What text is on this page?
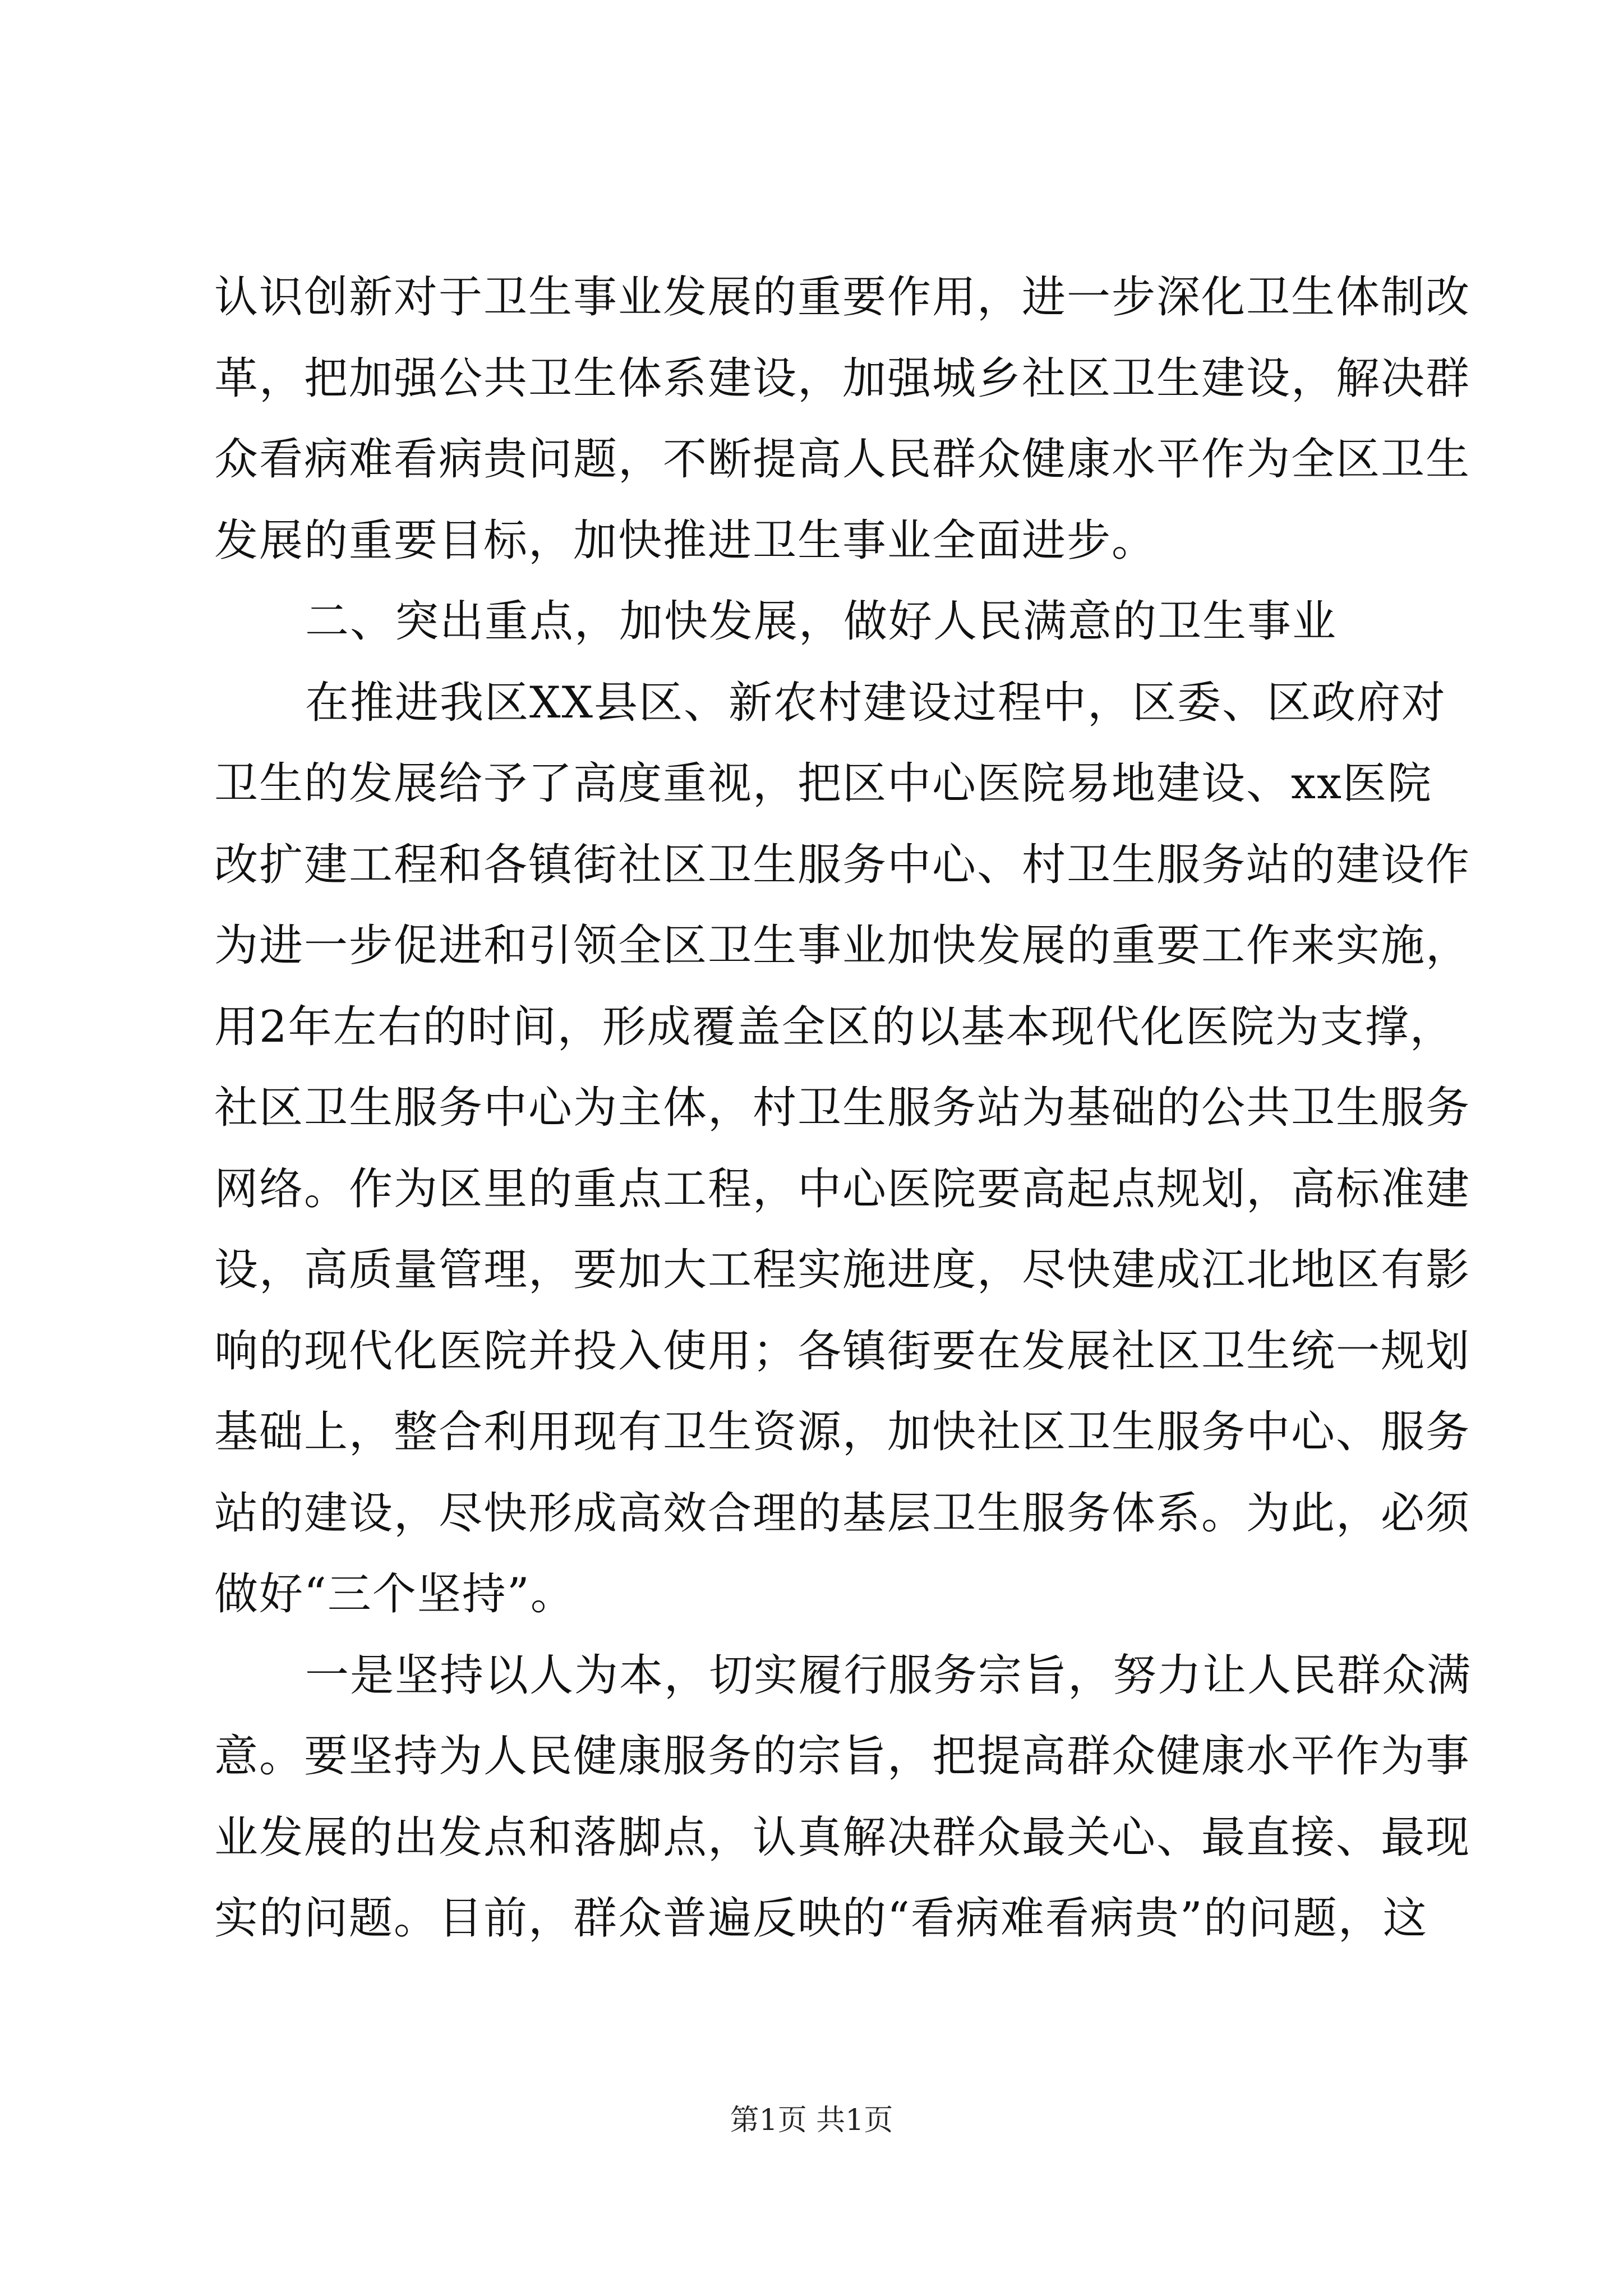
认识创新对于卫生事业发展的重要作用，进一步深化卫生体制改
革，把加强公共卫生体系建设，加强城乡社区卫生建设，解决群
众看病难看病贵问题，不断提高人民群众健康水平作为全区卫生
发展的重要目标，加快推进卫生事业全面进步。
二、突出重点，加快发展，做好人民满意的卫生事业
在推进我区XX县区、新农村建设过程中，区委、区政府对
卫生的发展给予了高度重视，把区中心医院易地建设、xx医院
改扩建工程和各镇街社区卫生服务中心、村卫生服务站的建设作
为进一步促进和引领全区卫生事业加快发展的重要工作来实施，
用2年左右的时间，形成覆盖全区的以基本现代化医院为支撑，
社区卫生服务中心为主体，村卫生服务站为基础的公共卫生服务
网络。作为区里的重点工程，中心医院要高起点规划，高标准建
设，高质量管理，要加大工程实施进度，尽快建成江北地区有影
响的现代化医院并投入使用；各镇街要在发展社区卫生统一规划
基础上，整合利用现有卫生资源，加快社区卫生服务中心、服务
站的建设，尽快形成高效合理的基层卫生服务体系。为此，必须
做好“三个坚持”。
一是坚持以人为本，切实履行服务宗旨，努力让人民群众满
意。要坚持为人民健康服务的宗旨，把提高群众健康水平作为事
业发展的出发点和落脚点，认真解决群众最关心、最直接、最现
实的问题。目前，群众普遍反映的“看病难看病贵”的问题，这
第1页 共1页
